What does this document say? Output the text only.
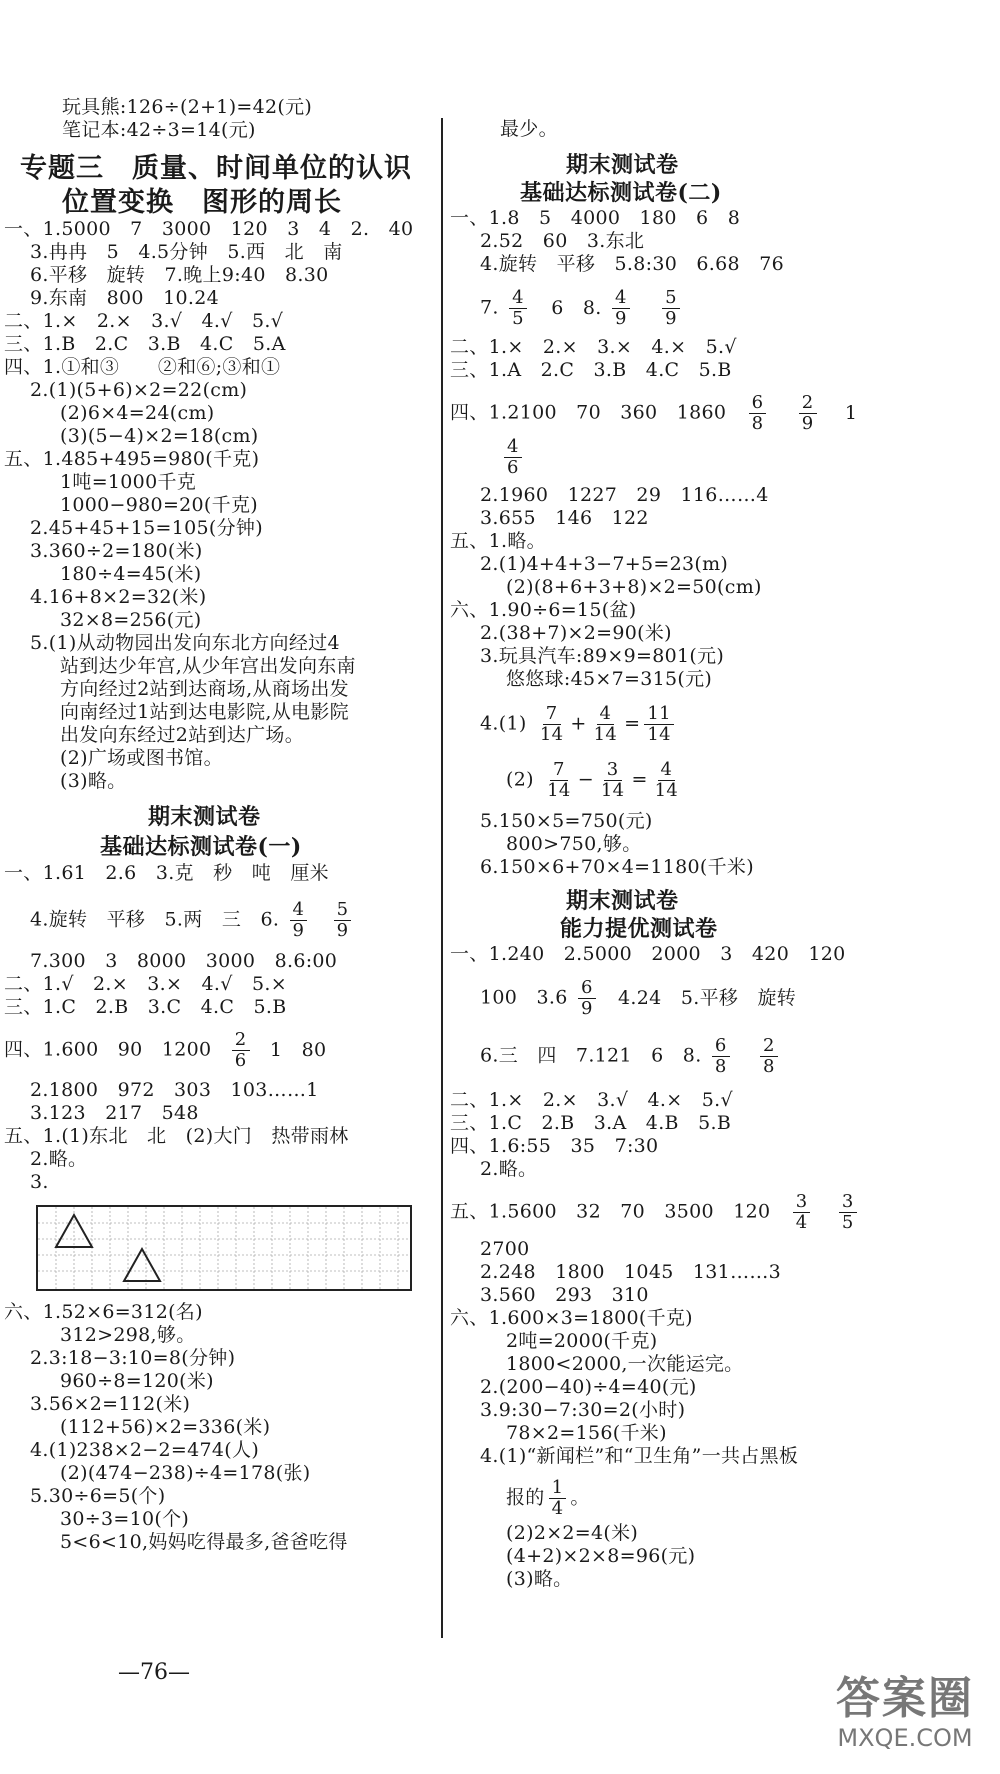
玩具熊:126÷(2+1)=42(元)
笔记本:42÷3=14(元)
专题三　质量、时间单位的认识
位置变换　图形的周长
一、1.5000　7　3000　120　3　4　2.　40
3.冉冉　5　4.5分钟　5.西　北　南
6.平移　旋转　7.晚上9:40　8.30
9.东南　800　10.24
二、1.×　2.×　3.√　4.√　5.√
三、1.B　2.C　3.B　4.C　5.A
四、1.①和③　　②和⑥;③和①
2.(1)(5+6)×2=22(cm)
(2)6×4=24(cm)
(3)(5−4)×2=18(cm)
五、1.485+495=980(千克)
1吨=1000千克
1000−980=20(千克)
2.45+45+15=105(分钟)
3.360÷2=180(米)
180÷4=45(米)
4.16+8×2=32(米)
32×8=256(元)
5.(1)从动物园出发向东北方向经过4
站到达少年宫,从少年宫出发向东南
方向经过2站到达商场,从商场出发
向南经过1站到达电影院,从电影院
出发向东经过2站到达广场。
(2)广场或图书馆。
(3)略。
期末测试卷
基础达标测试卷(一)
一、1.61　2.6　3.克　秒　吨　厘米
4.旋转　平移　5.两　三　6. $\frac{4}{9}$
$\frac{5}{9}$
7.300　3　8000　3000　8.6:00
二、1.√　2.×　3.×　4.√　5.×
三、1.C　2.B　3.C　4.C　5.B
四、1.600　90　$1200 \frac{2}{6} 1$　80
2.1800　972　303　103……1
3.123　217　548
五、1.(1)东北　北　(2)大门　热带雨林
2.略。
3.
六、1.52×6=312(名)
312>298,够。
2.3:18−3:10=8(分钟)
960÷8=120(米)
3.56×2=112(米)
(112+56)×2=336(米)
4.(1)238×2−2=474(人)
(2)(474−238)÷4=178(张)
5.30÷6=5(个)
30÷3=10(个)
5<6<10,妈妈吃得最多,爸爸吃得
最少。
期末测试卷
基础达标测试卷(二)
一、1.8　5　4000　180　6　8
2.52　60　3.东北
4.旋转　平移　5.8:30　6.68　76
7. $\frac{4}{5} 6$　8. $\frac{4}{9}$
$\frac{5}{9}$
二、1.×　2.×　3.×　4.×　5.√
三、1.A　2.C　3.B　4.C　5.B
四、1.2100　70　360　$1860 \frac{6}{8}$
$\frac{2}{9} 1$
$\frac{4}{6}$
2.1960　1227　29　116……4
3.655　146　122
五、1.略。
2.(1)4+4+3−7+5=23(m)
(2)(8+6+3+8)×2=50(cm)
六、1.90÷6=15(盆)
2.(38+7)×2=90(米)
3.玩具汽车:89×9=801(元)
悠悠球:45×7=315(元)
$4.(1) \frac{7}{14} + \frac{4}{14} = \frac{11}{14}$
$(2) \frac{7}{14} - \frac{3}{14} = \frac{4}{14}$
5.150×5=750(元)
800>750,够。
6.150×6+70×4=1180(千米)
期末测试卷
能力提优测试卷
一、1.240　2.5000　2000　3　420　120
100　$3.6 \frac{6}{9} 4.24$　5.平移　旋转
6.三　四　7.121　6　8. $\frac{6}{8}$
$\frac{2}{8}$
二、1.×　2.×　3.√　4.×　5.√
三、1.C　2.B　3.A　4.B　5.B
四、1.6:55　35　7:30
2.略。
五、1.5600　32　70　3500　$120 \frac{3}{4}$
$\frac{3}{5}$
2700
2.248　1800　1045　131……3
3.560　293　310
六、1.600×3=1800(千克)
2吨=2000(千克)
1800<2000,一次能运完。
2.(200−40)÷4=40(元)
3.9:30−7:30=2(小时)
78×2=156(千米)
4.(1)“新闻栏”和“卫生角”一共占黑板
报的 $\frac{1}{4}$ 。
(2)2×2=4(米)
(4+2)×2×8=96(元)
(3)略。
—76—
答案圈
MXQE.COM
